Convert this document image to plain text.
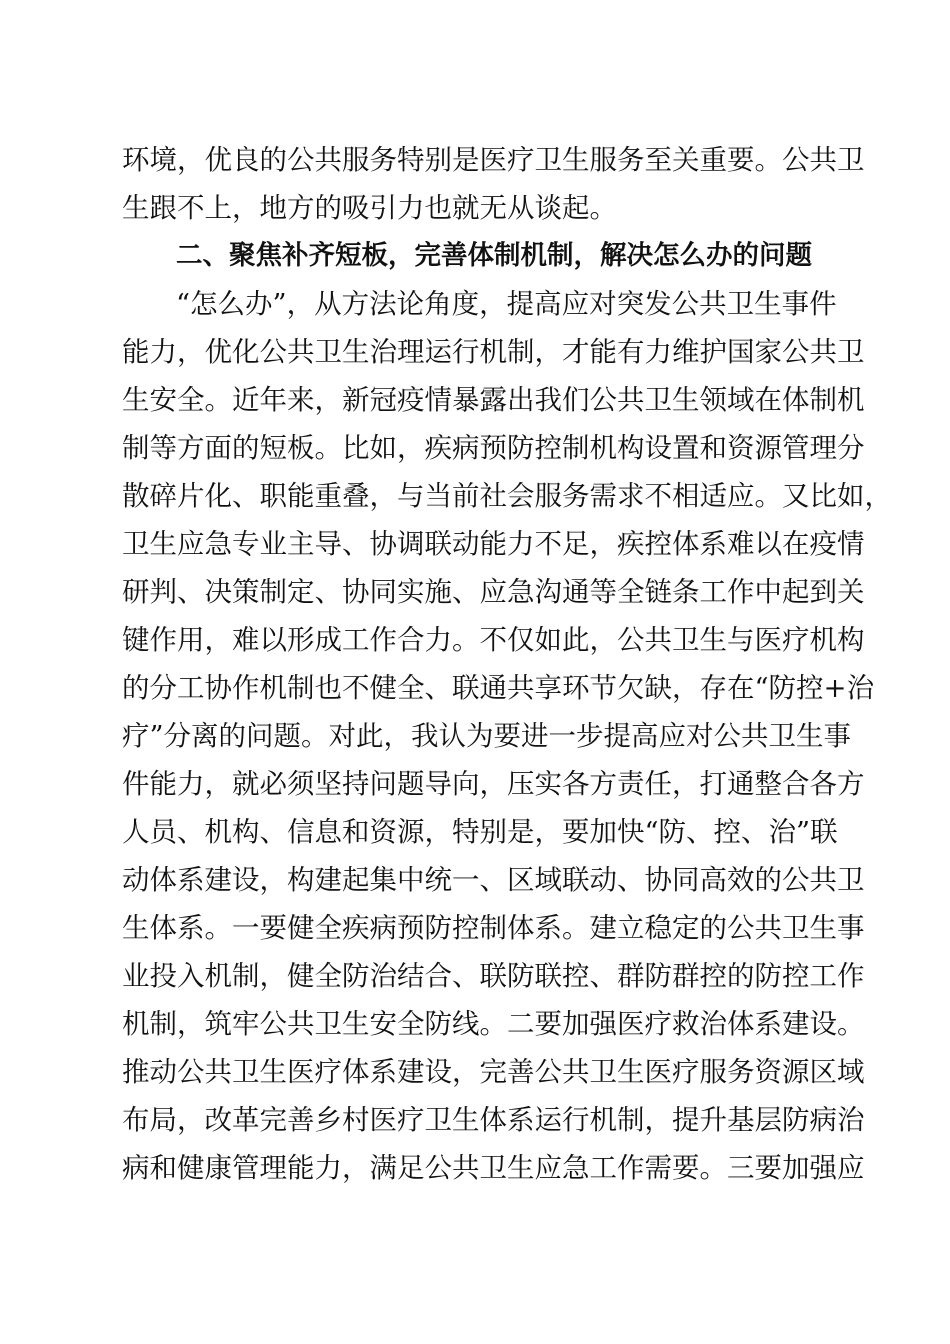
环境，优良的公共服务特别是医疗卫生服务至关重要。公共卫
生跟不上，地方的吸引力也就无从谈起。
二、聚焦补齐短板，完善体制机制，解决怎么办的问题
“怎么办”，从方法论角度，提高应对突发公共卫生事件
能力，优化公共卫生治理运行机制，才能有力维护国家公共卫
生安全。近年来，新冠疫情暴露出我们公共卫生领域在体制机
制等方面的短板。比如，疾病预防控制机构设置和资源管理分
散碎片化、职能重叠，与当前社会服务需求不相适应。又比如，
卫生应急专业主导、协调联动能力不足，疾控体系难以在疫情
研判、决策制定、协同实施、应急沟通等全链条工作中起到关
键作用，难以形成工作合力。不仅如此，公共卫生与医疗机构
的分工协作机制也不健全、联通共享环节欠缺，存在“防控+治
疗”分离的问题。对此，我认为要进一步提高应对公共卫生事
件能力，就必须坚持问题导向，压实各方责任，打通整合各方
人员、机构、信息和资源，特别是，要加快“防、控、治”联
动体系建设，构建起集中统一、区域联动、协同高效的公共卫
生体系。一要健全疾病预防控制体系。建立稳定的公共卫生事
业投入机制，健全防治结合、联防联控、群防群控的防控工作
机制，筑牢公共卫生安全防线。二要加强医疗救治体系建设。
推动公共卫生医疗体系建设，完善公共卫生医疗服务资源区域
布局，改革完善乡村医疗卫生体系运行机制，提升基层防病治
病和健康管理能力，满足公共卫生应急工作需要。三要加强应
